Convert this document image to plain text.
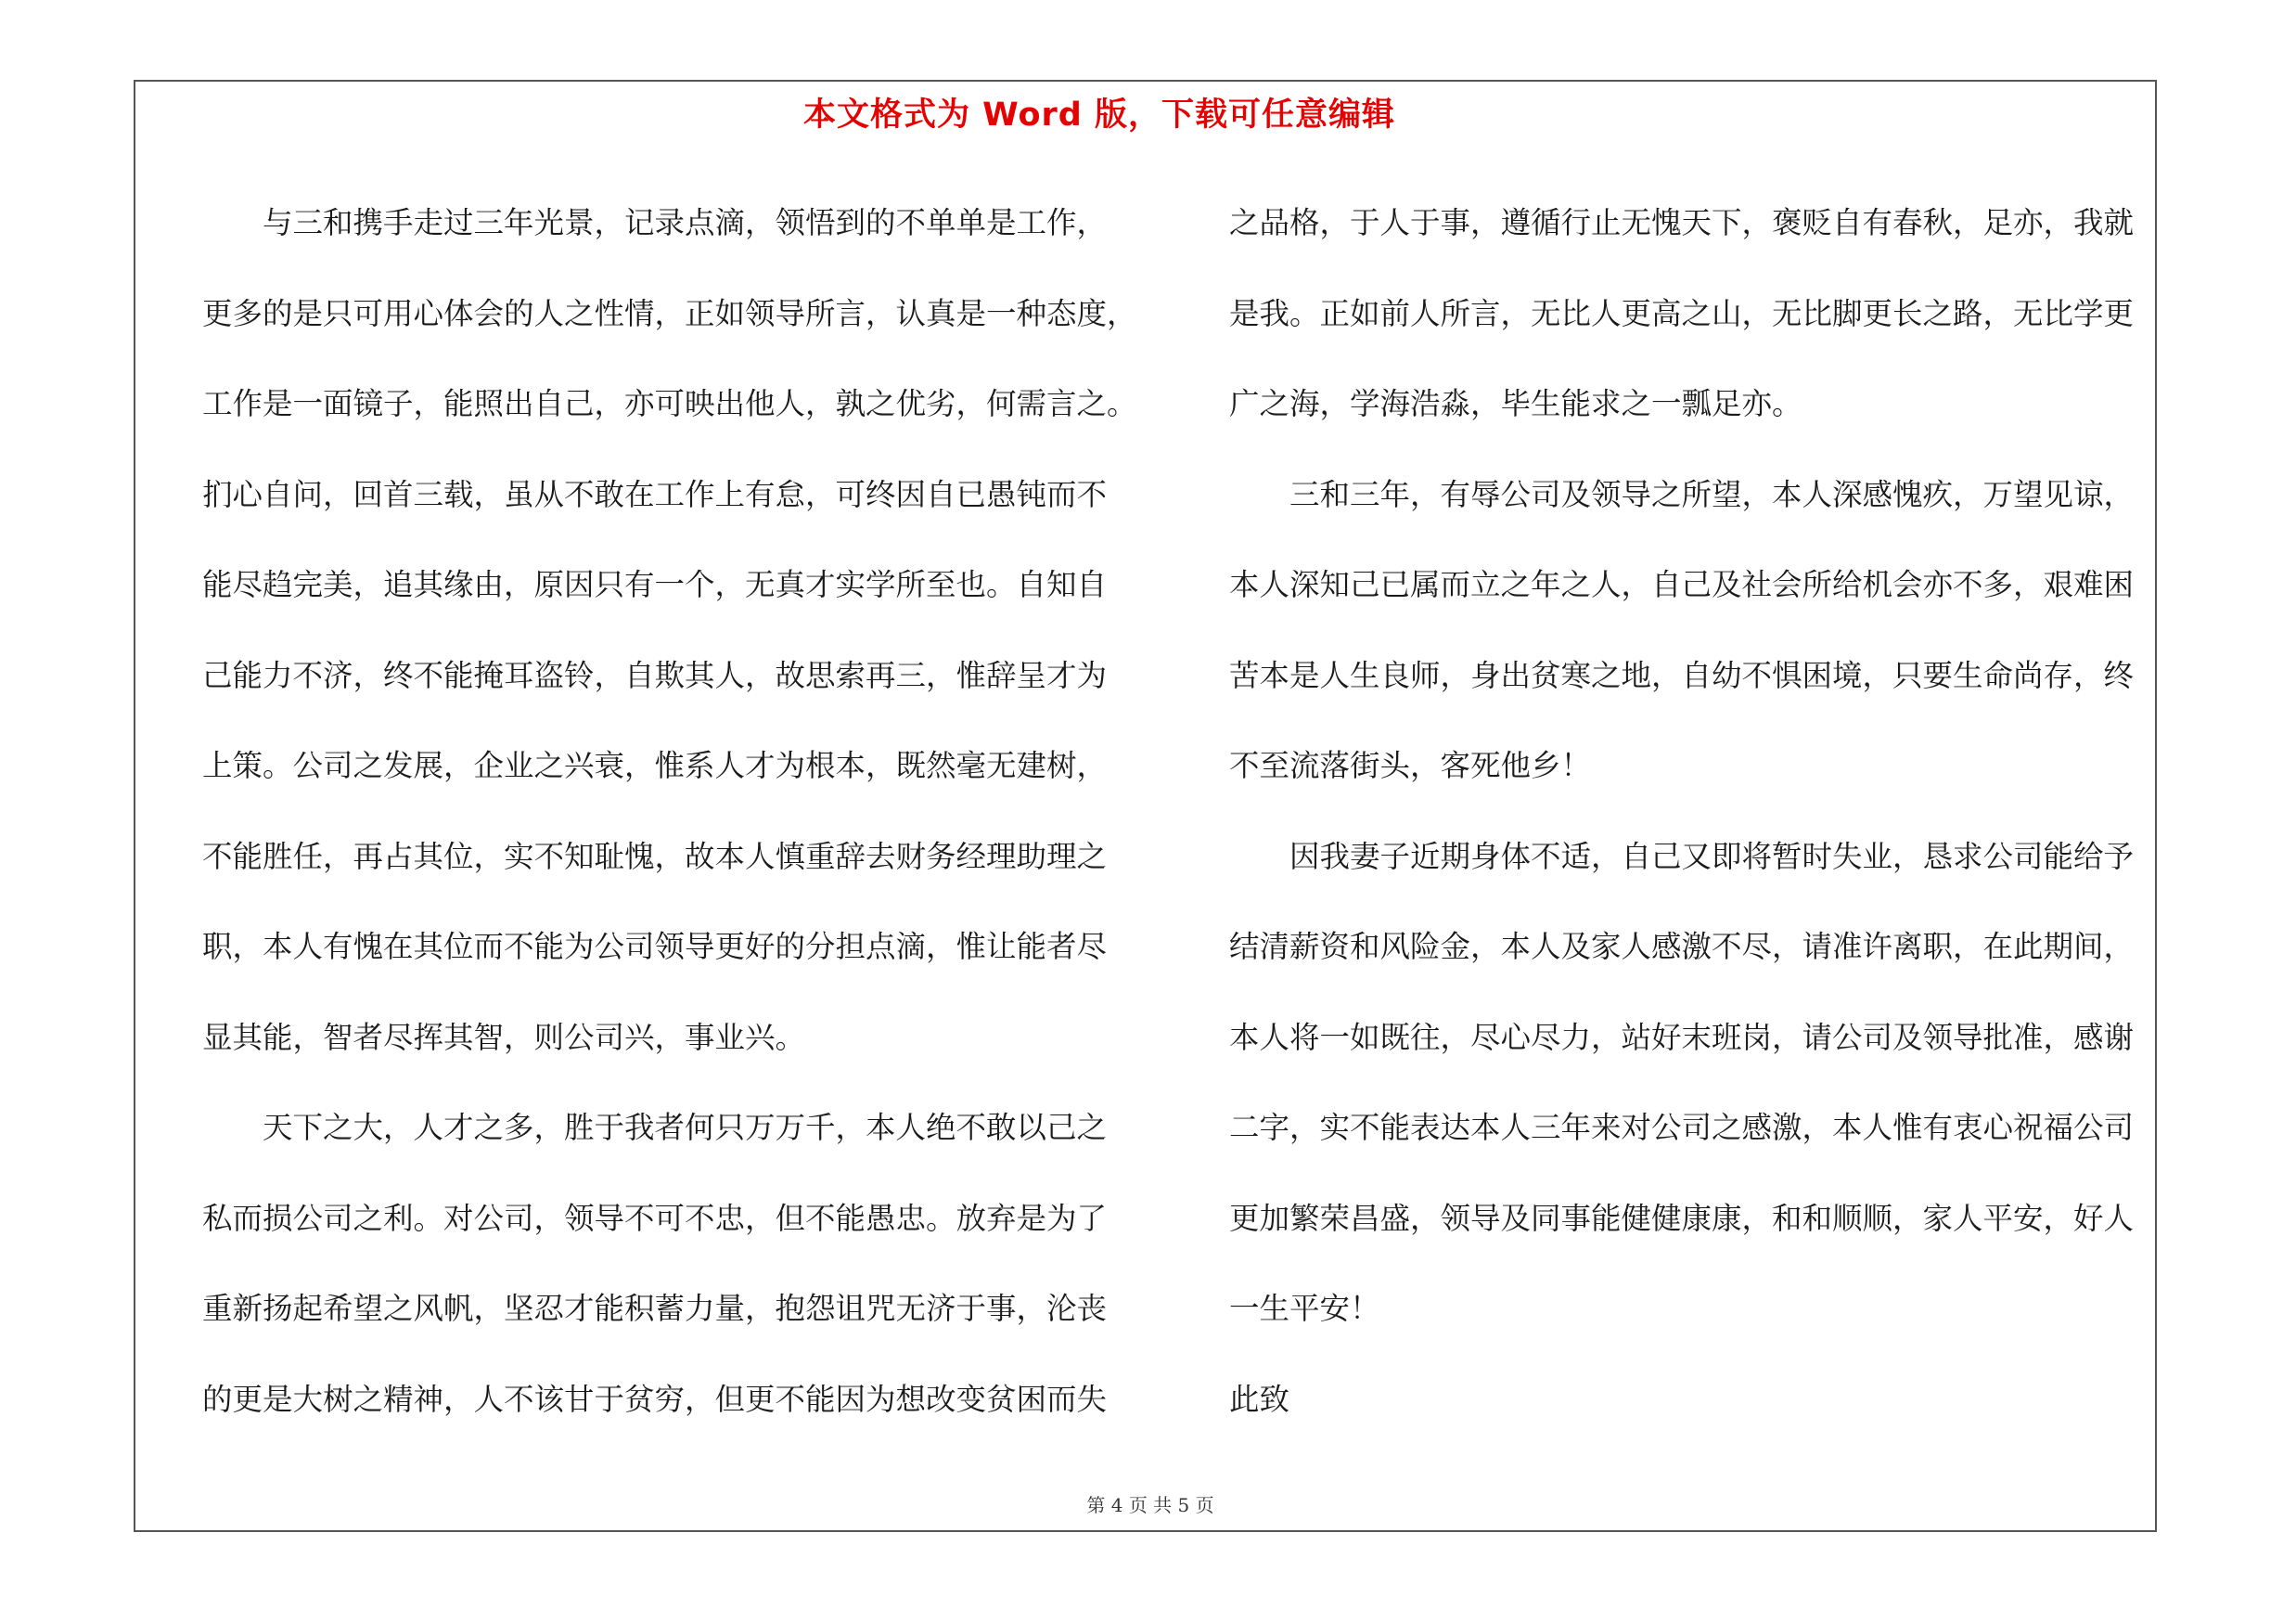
本文格式为 Word 版，下载可任意编辑
　　与三和携手走过三年光景，记录点滴，领悟到的不单单是工作，
更多的是只可用心体会的人之性情，正如领导所言，认真是一种态度，
工作是一面镜子，能照出自己，亦可映出他人，孰之优劣，何需言之。
扪心自问，回首三载，虽从不敢在工作上有怠，可终因自已愚钝而不
能尽趋完美，追其缘由，原因只有一个，无真才实学所至也。自知自
己能力不济，终不能掩耳盗铃，自欺其人，故思索再三，惟辞呈才为
上策。公司之发展，企业之兴衰，惟系人才为根本，既然毫无建树，
不能胜任，再占其位，实不知耻愧，故本人慎重辞去财务经理助理之
职，本人有愧在其位而不能为公司领导更好的分担点滴，惟让能者尽
显其能，智者尽挥其智，则公司兴，事业兴。
　　天下之大，人才之多，胜于我者何只万万千，本人绝不敢以己之
私而损公司之利。对公司，领导不可不忠，但不能愚忠。放弃是为了
重新扬起希望之风帆，坚忍才能积蓄力量，抱怨诅咒无济于事，沦丧
的更是大树之精神，人不该甘于贫穷，但更不能因为想改变贫困而失
之品格，于人于事，遵循行止无愧天下，褒贬自有春秋，足亦，我就
是我。正如前人所言，无比人更高之山，无比脚更长之路，无比学更
广之海，学海浩淼，毕生能求之一瓢足亦。
　　三和三年，有辱公司及领导之所望，本人深感愧疚，万望见谅，
本人深知己已属而立之年之人，自己及社会所给机会亦不多，艰难困
苦本是人生良师，身出贫寒之地，自幼不惧困境，只要生命尚存，终
不至流落街头，客死他乡！
　　因我妻子近期身体不适，自己又即将暂时失业，恳求公司能给予
结清薪资和风险金，本人及家人感激不尽，请准许离职，在此期间，
本人将一如既往，尽心尽力，站好末班岗，请公司及领导批准，感谢
二字，实不能表达本人三年来对公司之感激，本人惟有衷心祝福公司
更加繁荣昌盛，领导及同事能健健康康，和和顺顺，家人平安，好人
一生平安！
此致
第 4 页 共 5 页
